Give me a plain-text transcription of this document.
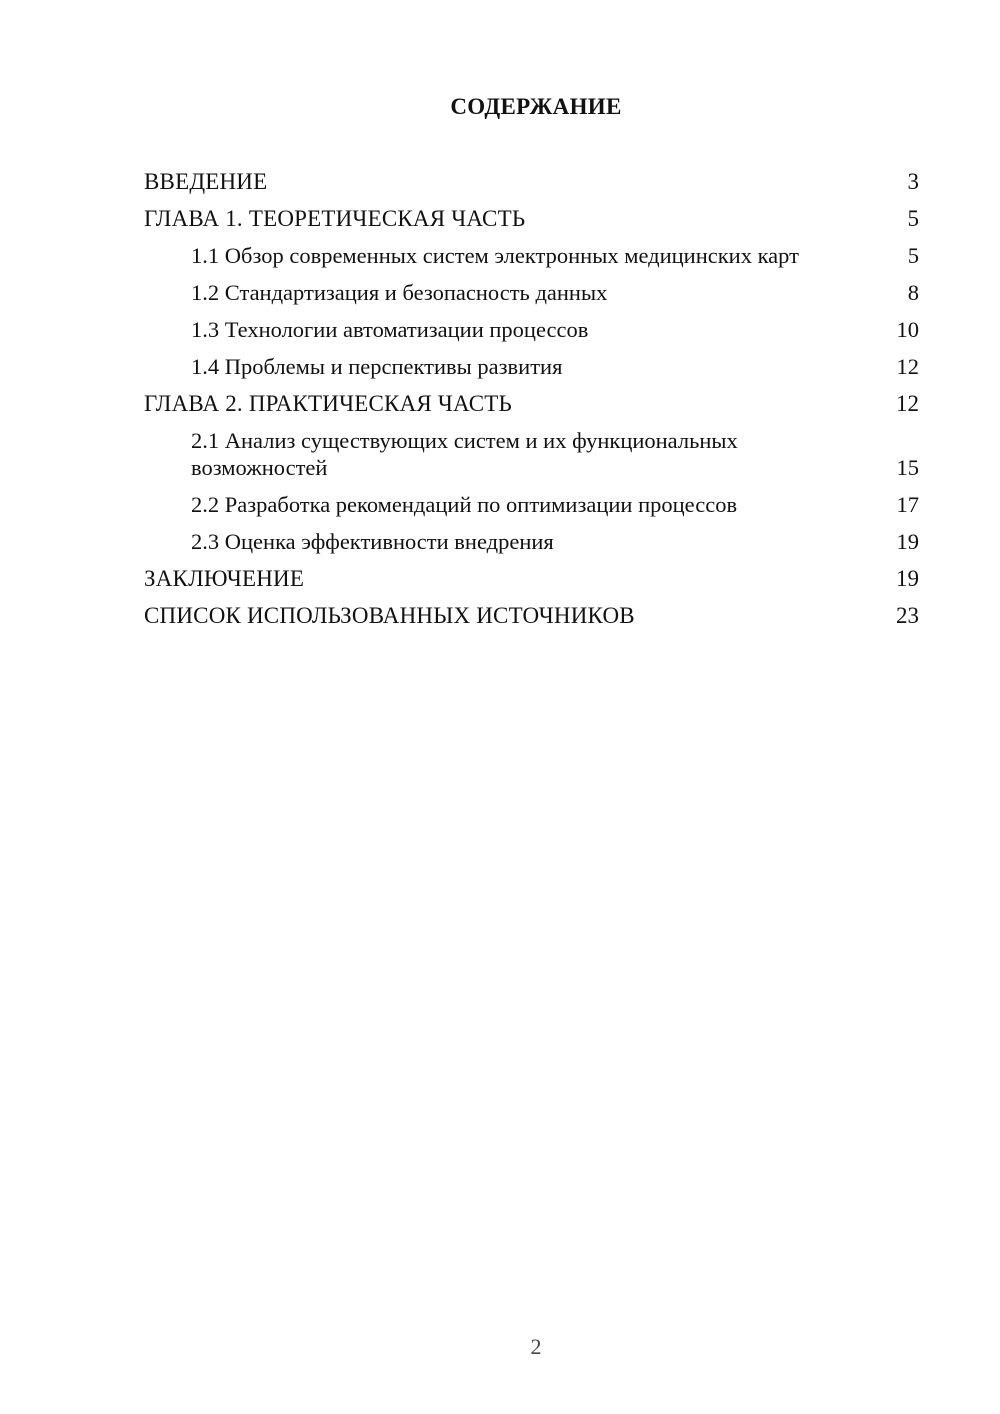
СОДЕРЖАНИЕ
ВВЕДЕНИЕ	3
ГЛАВА 1. ТЕОРЕТИЧЕСКАЯ ЧАСТЬ	5
1.1 Обзор современных систем электронных медицинских карт	5
1.2 Стандартизация и безопасность данных	8
1.3 Технологии автоматизации процессов	10
1.4 Проблемы и перспективы развития	12
ГЛАВА 2. ПРАКТИЧЕСКАЯ ЧАСТЬ	12
2.1 Анализ существующих систем и их функциональных возможностей	15
2.2 Разработка рекомендаций по оптимизации процессов	17
2.3 Оценка эффективности внедрения	19
ЗАКЛЮЧЕНИЕ	19
СПИСОК ИСПОЛЬЗОВАННЫХ ИСТОЧНИКОВ	23
2
